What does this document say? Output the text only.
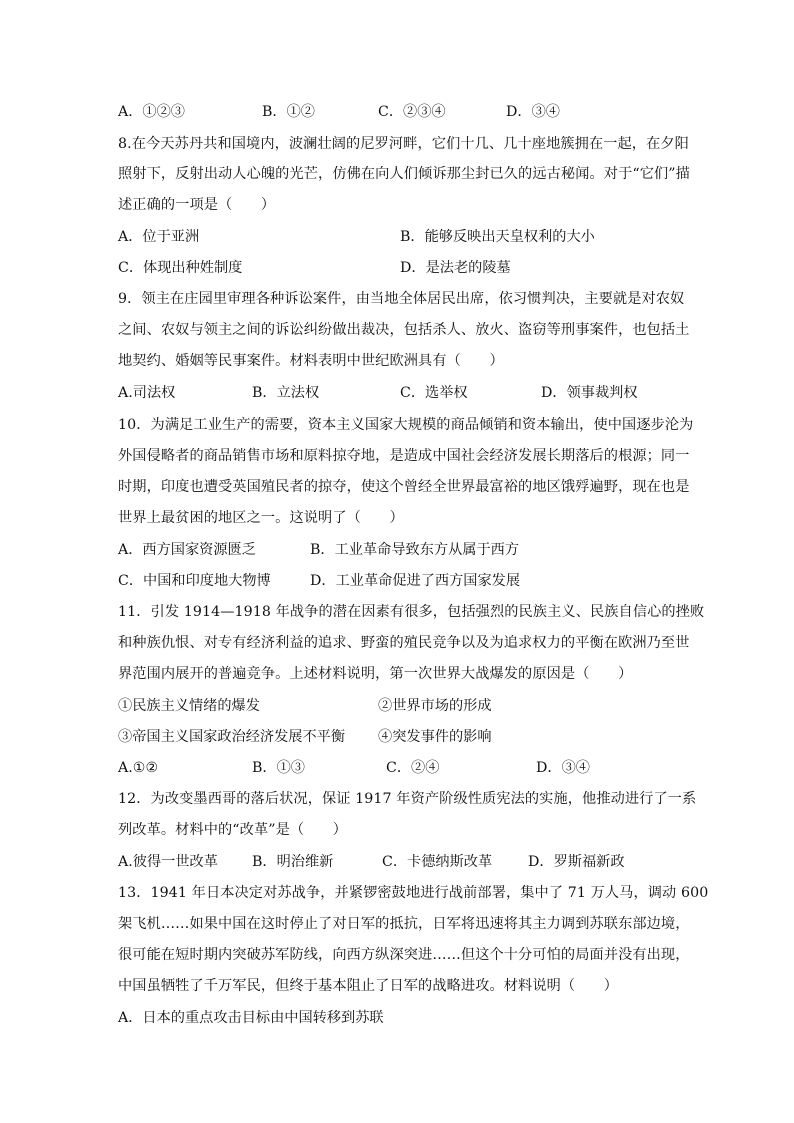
A．①②③	B．①②	C．②③④	D．③④
8.在今天苏丹共和国境内，波澜壮阔的尼罗河畔，它们十几、几十座地簇拥在一起，在夕阳
照射下，反射出动人心魄的光芒，仿佛在向人们倾诉那尘封已久的远古秘闻。对于“它们”描
述正确的一项是（　　）
A．位于亚洲	B．能够反映出天皇权利的大小
C．体现出种姓制度	D．是法老的陵墓
9．领主在庄园里审理各种诉讼案件，由当地全体居民出席，依习惯判决，主要就是对农奴
之间、农奴与领主之间的诉讼纠纷做出裁决，包括杀人、放火、盗窃等刑事案件，也包括土
地契约、婚姻等民事案件。材料表明中世纪欧洲具有（　　）
A.司法权	B．立法权	C．选举权	D．领事裁判权
10．为满足工业生产的需要，资本主义国家大规模的商品倾销和资本输出，使中国逐步沦为
外国侵略者的商品销售市场和原料掠夺地，是造成中国社会经济发展长期落后的根源；同一
时期，印度也遭受英国殖民者的掠夺，使这个曾经全世界最富裕的地区饿殍遍野，现在也是
世界上最贫困的地区之一。这说明了（　　）
A．西方国家资源匮乏	B．工业革命导致东方从属于西方
C．中国和印度地大物博	D．工业革命促进了西方国家发展
11．引发 1914—1918 年战争的潜在因素有很多，包括强烈的民族主义、民族自信心的挫败
和种族仇恨、对专有经济利益的追求、野蛮的殖民竞争以及为追求权力的平衡在欧洲乃至世
界范围内展开的普遍竞争。上述材料说明，第一次世界大战爆发的原因是（　　）
①民族主义情绪的爆发	②世界市场的形成
③帝国主义国家政治经济发展不平衡 ④突发事件的影响
A.①②	B．①③	C．②④	D．③④
12．为改变墨西哥的落后状况，保证 1917 年资产阶级性质宪法的实施，他推动进行了一系
列改革。材料中的“改革”是（　　）
A.彼得一世改革 B．明治维新	C．卡德纳斯改革	D．罗斯福新政
13．1941 年日本决定对苏战争，并紧锣密鼓地进行战前部署，集中了 71 万人马，调动 600
架飞机……如果中国在这时停止了对日军的抵抗，日军将迅速将其主力调到苏联东部边境，
很可能在短时期内突破苏军防线，向西方纵深突进……但这个十分可怕的局面并没有出现，
中国虽牺牲了千万军民，但终于基本阻止了日军的战略进攻。材料说明（　　）
A．日本的重点攻击目标由中国转移到苏联
